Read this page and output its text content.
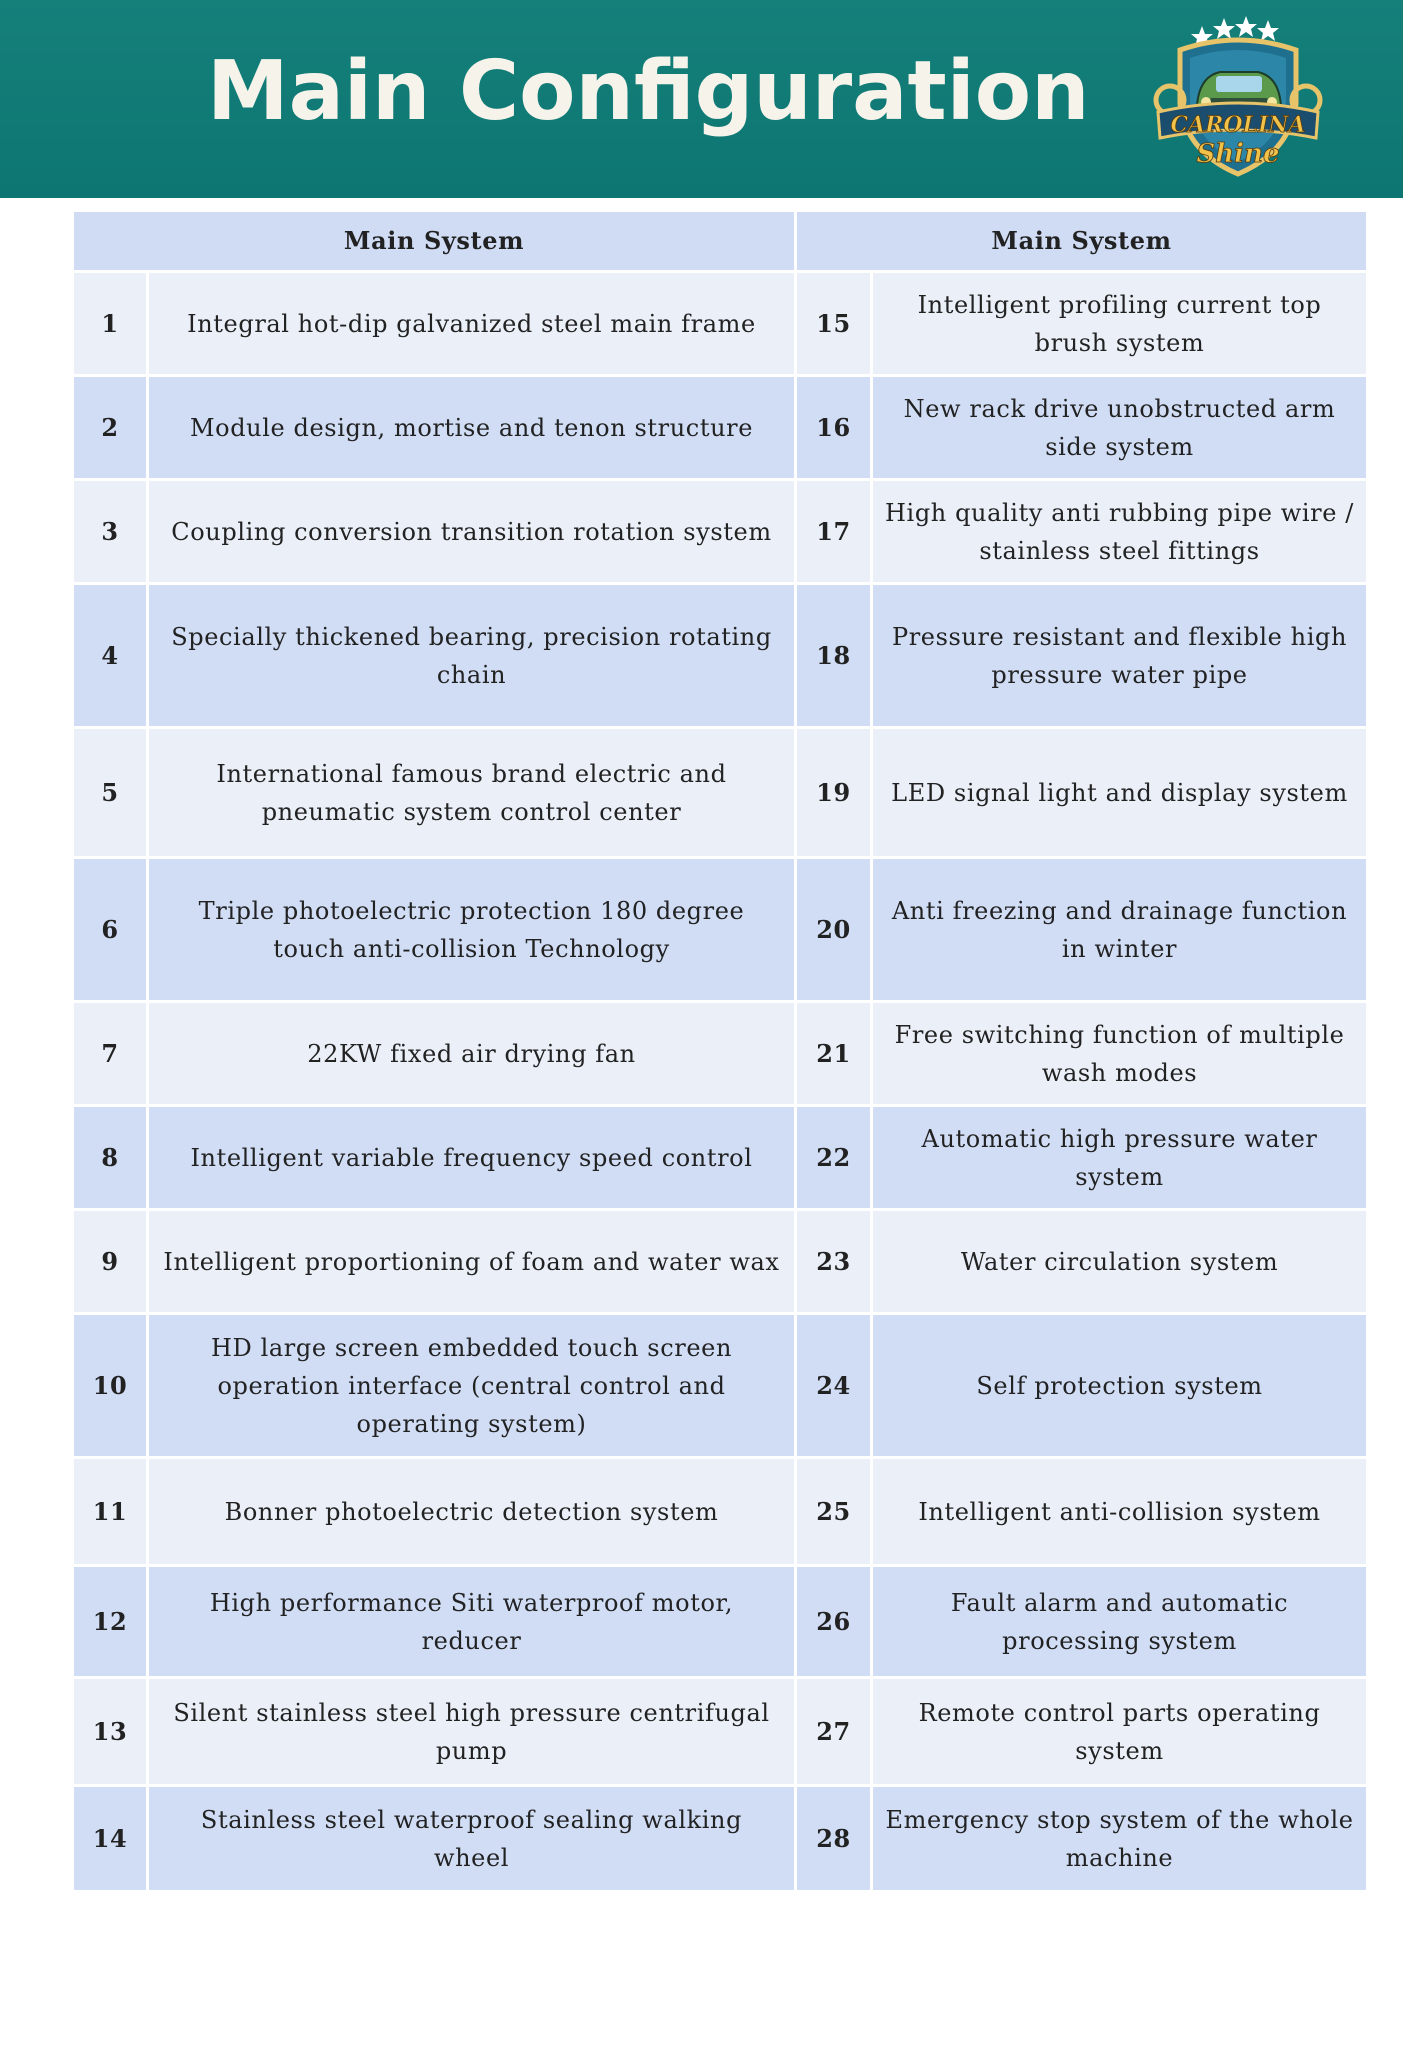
Main Configuration	CAROLINA
Shine
Main System		Main System	
1	Integral hot-dip galvanized steel main frame	15	Intelligent profiling current top brush system
2	Module design, mortise and tenon structure	16	New rack drive unobstructed arm side system
3	Coupling conversion transition rotation system	17	High quality anti rubbing pipe wire / stainless steel fittings
4	Specially thickened bearing, precision rotating chain	18	Pressure resistant and flexible high pressure water pipe
5	International famous brand electric and pneumatic system control center	19	LED signal light and display system
6	Triple photoelectric protection 180 degree touch anti-collision Technology	20	Anti freezing and drainage function in winter
7	22KW fixed air drying fan	21	Free switching function of multiple wash modes
8	Intelligent variable frequency speed control	22	Automatic high pressure water system
9	Intelligent proportioning of foam and water wax	23	Water circulation system
10	HD large screen embedded touch screen operation interface (central control and operating system)	24	Self protection system
11	Bonner photoelectric detection system	25	Intelligent anti-collision system
12	High performance Siti waterproof motor, reducer	26	Fault alarm and automatic processing system
13	Silent stainless steel high pressure centrifugal pump	27	Remote control parts operating system
14	Stainless steel waterproof sealing walking wheel	28	Emergency stop system of the whole machine
